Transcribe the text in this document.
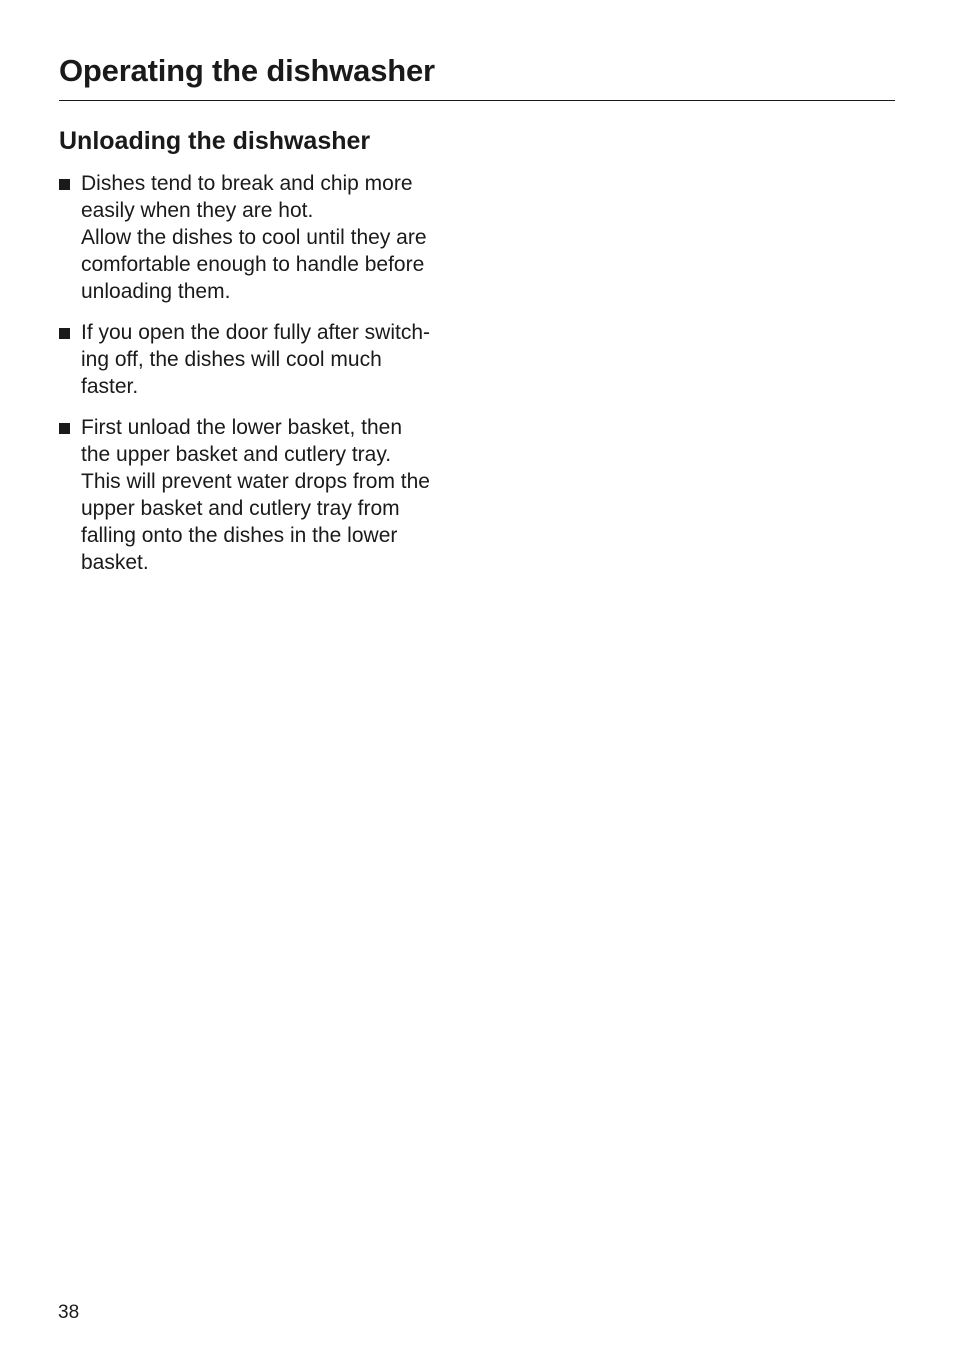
Operating the dishwasher
Unloading the dishwasher
Dishes tend to break and chip more
easily when they are hot.
Allow the dishes to cool until they are
comfortable enough to handle before
unloading them.
If you open the door fully after switch-
ing off, the dishes will cool much
faster.
First unload the lower basket, then
the upper basket and cutlery tray.
This will prevent water drops from the
upper basket and cutlery tray from
falling onto the dishes in the lower
basket.
38
